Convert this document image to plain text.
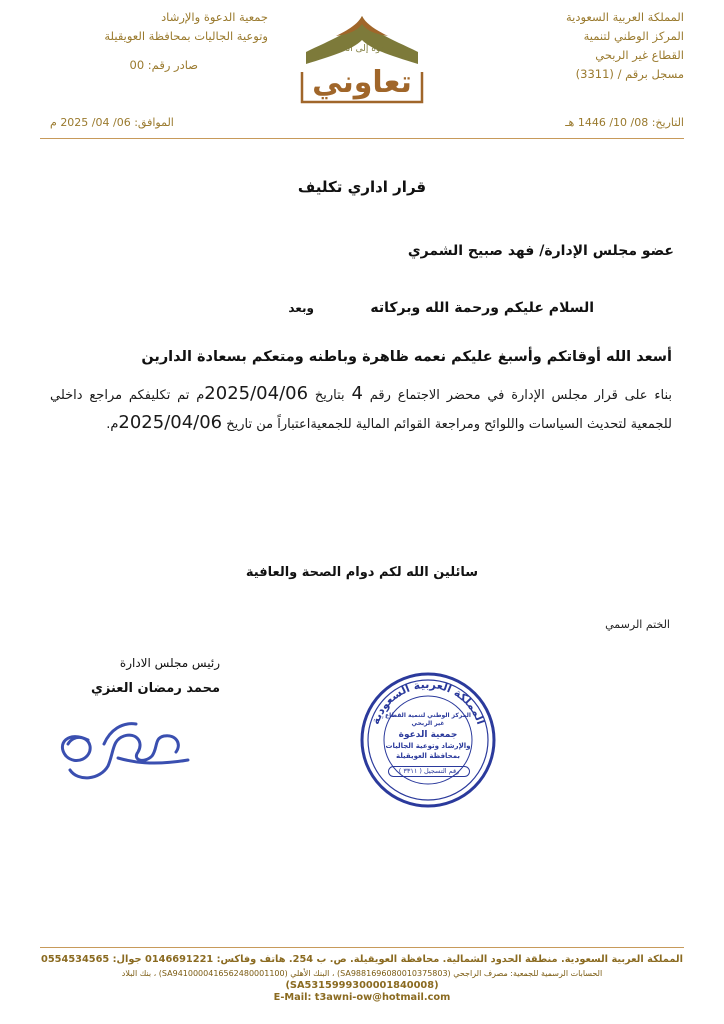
المملكة العربية السعودية
المركز الوطني لتنمية
القطاع غير الربحي
مسجل برقم / (3311)
جمعية الدعوة والإرشاد
وتوعية الجاليات بمحافظة العويقيلة
صادر رقم: 00
دعوة إلى الخير
تعاوني
التاريخ: 08/ 10/ 1446 هـ
الموافق: 06/ 04/ 2025 م
قرار اداري تكليف
عضو مجلس الإدارة/ فهد صبيح الشمري
السلام عليكم ورحمة الله وبركاته
وبعد
أسعد الله أوقاتكم وأسبغ عليكم نعمه ظاهرة وباطنه ومتعكم بسعادة الدارين
بناء على قرار مجلس الإدارة في محضر الاجتماع رقم 4 بتاريخ 2025/04/06م تم تكليفكم مراجع داخلي للجمعية لتحديث السياسات واللوائح ومراجعة القوائم المالية للجمعيةاعتباراً من تاريخ 2025/04/06م.
سائلين الله لكم دوام الصحة والعافية
الختم الرسمي
رئيس مجلس الادارة
محمد رمضان العنزي
المملكة العربية السعودية
المركز الوطني لتنمية القطاع غير الربحي
جمعية الدعوة
والإرشاد وتوعية الجاليات
بمحافظة العويقيلة
رقم التسجيل ( ٣٣١١ )
المملكة العربية السعودية. منطقة الحدود الشمالية. محافظة العويقيلة. ص. ب 254. هاتف وفاكس: 0146691221 جوال: 0554534565
الحسابات الرسمية للجمعية: مصرف الراجحي (SA9881696080010375803) ، البنك الأهلي (SA9410000416562480001100) ، بنك البلاد
(SA5315999300001840008)
E-Mail: t3awni-ow@hotmail.com
